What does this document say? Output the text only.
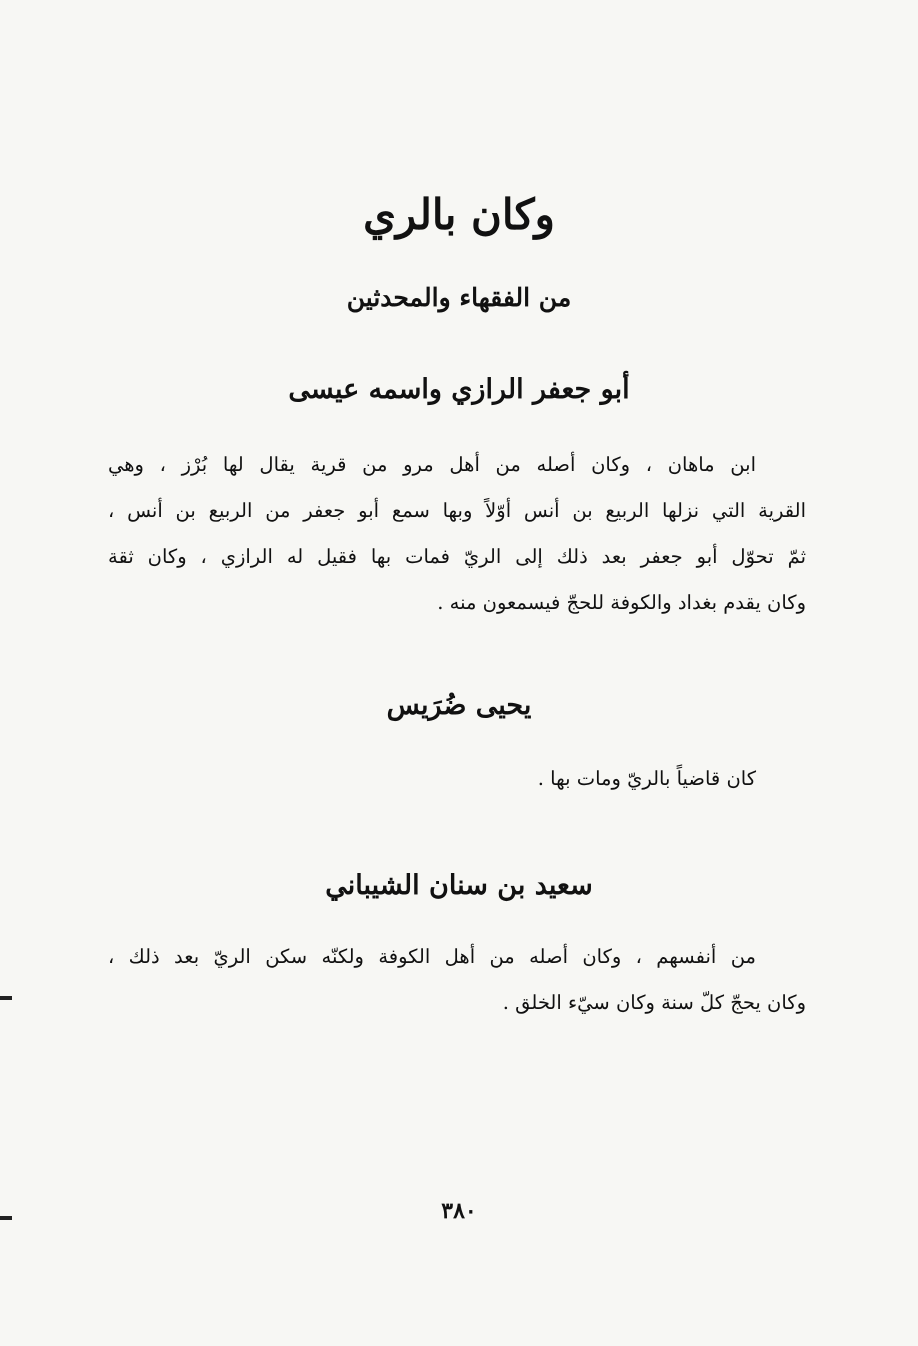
وكان بالري
من الفقهاء والمحدثين
أبو جعفر الرازي واسمه عيسى
ابن ماهان ، وكان أصله من أهل مرو من قرية يقال لها بُرْز ، وهي
القرية التي نزلها الربيع بن أنس أوّلاً وبها سمع أبو جعفر من الربيع بن أنس ،
ثمّ تحوّل أبو جعفر بعد ذلك إلى الريّ فمات بها فقيل له الرازي ، وكان ثقة
وكان يقدم بغداد والكوفة للحجّ فيسمعون منه .
يحيى ضُرَيس
كان قاضياً بالريّ ومات بها .
سعيد بن سنان الشيباني
من أنفسهم ، وكان أصله من أهل الكوفة ولكنّه سكن الريّ بعد ذلك ،
وكان يحجّ كلّ سنة وكان سيّء الخلق .
٣٨٠
